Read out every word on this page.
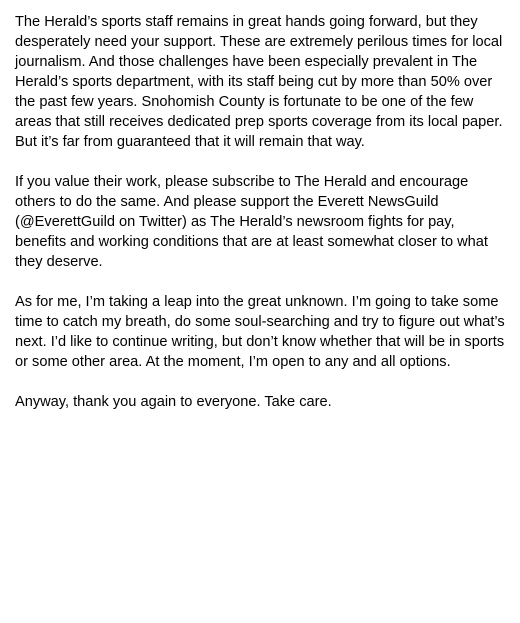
The Herald’s sports staff remains in great hands going forward, but they desperately need your support. These are extremely perilous times for local journalism. And those challenges have been especially prevalent in The Herald’s sports department, with its staff being cut by more than 50% over the past few years. Snohomish County is fortunate to be one of the few areas that still receives dedicated prep sports coverage from its local paper. But it’s far from guaranteed that it will remain that way.

If you value their work, please subscribe to The Herald and encourage others to do the same. And please support the Everett NewsGuild (@EverettGuild on Twitter) as The Herald’s newsroom fights for pay, benefits and working conditions that are at least somewhat closer to what they deserve.

As for me, I’m taking a leap into the great unknown. I’m going to take some time to catch my breath, do some soul-searching and try to figure out what’s next. I’d like to continue writing, but don’t know whether that will be in sports or some other area. At the moment, I’m open to any and all options.

Anyway, thank you again to everyone. Take care.
